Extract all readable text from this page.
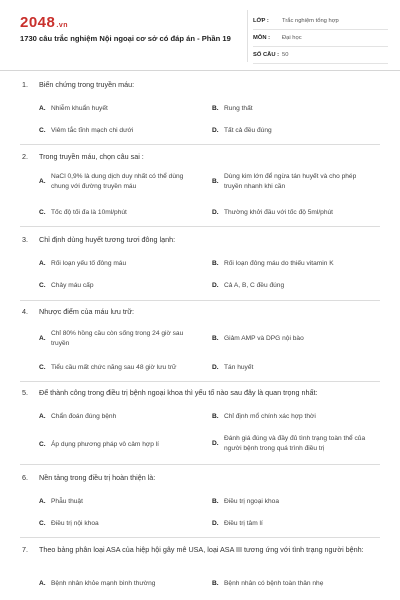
2048.vn
1730 câu trắc nghiệm Nội ngoại cơ sở có đáp án - Phần 19
LỚP :	Trắc nghiệm tổng hợp
MÔN :	Đại học
SỐ CÂU : 50
1. Biến chứng trong truyền máu:
A. Nhiễm khuẩn huyết	B. Rung thất
C. Viêm tắc tĩnh mạch chi dưới	D. Tất cả đều đúng
2. Trong truyền máu, chọn câu sai :
A.
NaCl 0,9% là dung dịch duy nhất có thể dùng chung với đường truyền máu
B.
Dùng kim lớn để ngừa tán huyết và cho phép truyền nhanh khi cần
C. Tốc độ tối đa là 10ml/phút	D. Thường khởi đầu với tốc độ 5ml/phút
3. Chỉ định dùng huyết tương tươi đông lạnh:
A. Rối loạn yếu tố đông máu	B. Rối loạn đông máu do thiếu vitamin K
C. Chảy máu cấp	D. Cả A, B, C đều đúng
4. Nhược điểm của máu lưu trữ:
A.
Chỉ 80% hồng cầu còn sống trong 24 giờ sau truyền
B. Giảm AMP và DPG nội bào
C. Tiểu cầu mất chức năng sau 48 giờ lưu trữ	D. Tán huyết
5. Để thành công trong điều trị bệnh ngoại khoa thì yếu tố nào sau đây là quan trọng nhất:
A. Chẩn đoán đúng bệnh	B. Chỉ định mổ chính xác hợp thời
C. Áp dụng phương pháp vô cảm hợp lí	D.
Đánh giá đúng và đầy đủ tình trạng toàn thể của người bệnh trong quá trình điều trị
6. Nền tảng trong điều trị hoàn thiện là:
A. Phẫu thuật	B. Điều trị ngoại khoa
C. Điều trị nội khoa	D. Điều trị tâm lí
7.	Theo bảng phân loại ASA của hiệp hội gây mê USA, loại ASA III tương ứng với tình trạng người bệnh:
A. Bệnh nhân khỏe mạnh bình thường	B. Bệnh nhân có bệnh toàn thân nhẹ
